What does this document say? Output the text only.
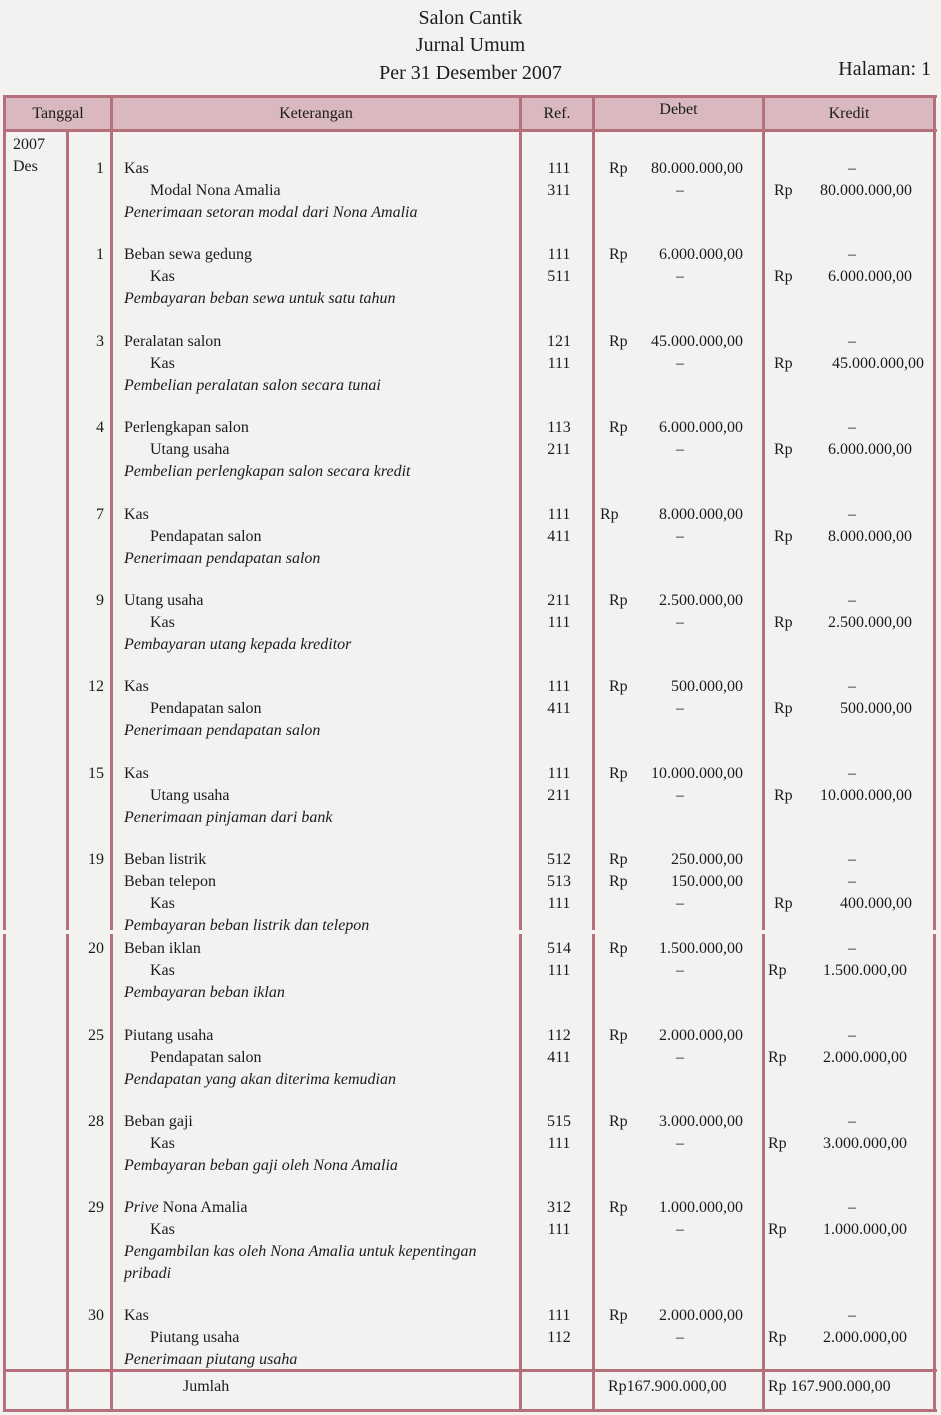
Salon Cantik
Jurnal Umum
Per 31 Desember 2007	Halaman: 1
Tanggal	Keterangan	Ref.	Debet	Kredit
2007
Des	1 Kas	111	Rp	80.000.000,00	–
Modal Nona Amalia	311	–	Rp	80.000.000,00
Penerimaan setoran modal dari Nona Amalia
1 Beban sewa gedung	111	Rp	6.000.000,00	–
Kas	511	–	Rp	6.000.000,00
Pembayaran beban sewa untuk satu tahun
3 Peralatan salon	121	Rp	45.000.000,00	–
Kas	111	–	Rp	45.000.000,00
Pembelian peralatan salon secara tunai
4 Perlengkapan salon	113	Rp	6.000.000,00	–
Utang usaha	211	–	Rp	6.000.000,00
Pembelian perlengkapan salon secara kredit
7 Kas	111	Rp	8.000.000,00	–
Pendapatan salon	411	–	Rp	8.000.000,00
Penerimaan pendapatan salon
9 Utang usaha	211	Rp	2.500.000,00	–
Kas	111	–	Rp	2.500.000,00
Pembayaran utang kepada kreditor
12 Kas	111	Rp	500.000,00	–
Pendapatan salon	411	–	Rp	500.000,00
Penerimaan pendapatan salon
15 Kas	111	Rp	10.000.000,00	–
Utang usaha	211	–	Rp	10.000.000,00
Penerimaan pinjaman dari bank
19 Beban listrik	512	Rp	250.000,00	–
Beban telepon	513	Rp	150.000,00	–
Kas	111	–	Rp	400.000,00
Pembayaran beban listrik dan telepon
20 Beban iklan	514	Rp	1.500.000,00	–
Kas	111	–	Rp	1.500.000,00
Pembayaran beban iklan
25 Piutang usaha	112	Rp	2.000.000,00	–
Pendapatan salon	411	–	Rp	2.000.000,00
Pendapatan yang akan diterima kemudian
28 Beban gaji	515	Rp	3.000.000,00	–
Kas	111	–	Rp	3.000.000,00
Pembayaran beban gaji oleh Nona Amalia
29 Prive Nona Amalia	312	Rp	1.000.000,00	–
Kas	111	–	Rp	1.000.000,00
Pengambilan kas oleh Nona Amalia untuk kepentingan pribadi
30 Kas	111	Rp	2.000.000,00	–
Piutang usaha	112	–	Rp	2.000.000,00
Penerimaan piutang usaha
Jumlah	Rp167.900.000,00	Rp 167.900.000,00
